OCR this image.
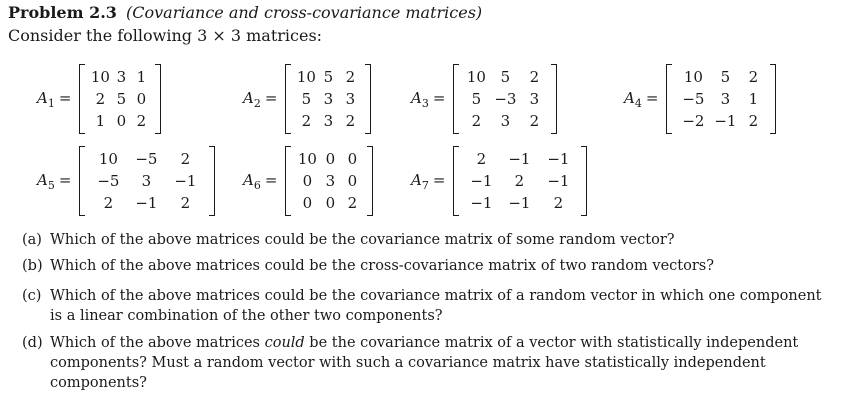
Problem 2.3 (Covariance and cross-covariance matrices)
Consider the following 3 × 3 matrices:
$A_1$ =
10 3 1
2 5 0
1 0 2
$A_2$ =
10 5 2
5 3 3
2 3 2
$A_3$ =
10 5	2
5 −3 3
2	3	2
$A_4$ =
10	5	2
−5	3	1
−2 −1 2
$A_5$ =
10	−5	2
−5	3	−1
2	−1	2
$A_6$ =
10 0 0
0 3 0
0 0 2
$A_7$ =
2	−1	−1
−1	2	−1
−1	−1	2
(a) Which of the above matrices could be the covariance matrix of some random vector?
(b) Which of the above matrices could be the cross-covariance matrix of two random vectors?
(c) Which of the above matrices could be the covariance matrix of a random vector in which one component is a linear combination of the other two components?
(d) Which of the above matrices could be the covariance matrix of a vector with statistically independent components? Must a random vector with such a covariance matrix have statistically independent components?
